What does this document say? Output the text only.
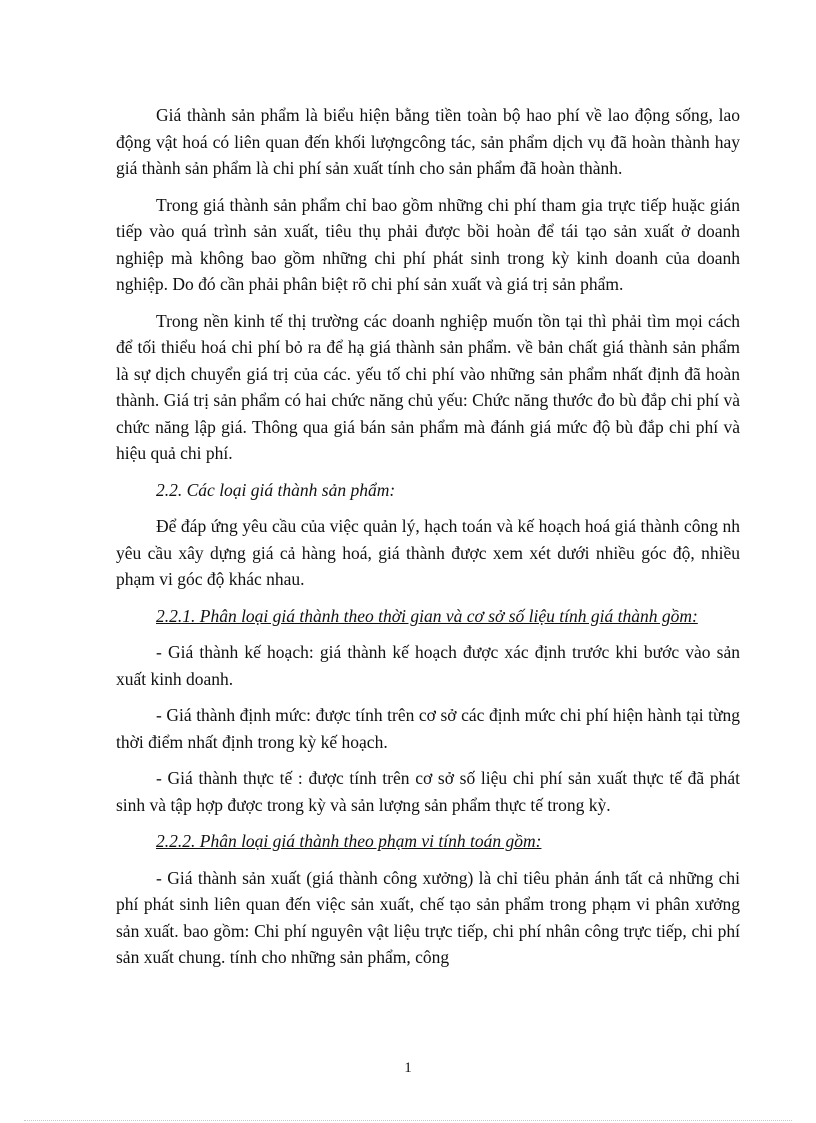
Giá thành sản phẩm là biểu hiện bằng tiền toàn bộ hao phí về lao động sống, lao động vật hoá có liên quan đến khối lượngcông tác, sản phẩm dịch vụ đã hoàn thành hay giá thành sản phẩm là chi phí sản xuất tính cho sản phẩm đã hoàn thành.

Trong giá thành sản phẩm chỉ bao gồm những chi phí tham gia trực tiếp huặc gián tiếp vào quá trình sản xuất, tiêu thụ phải được bồi hoàn để tái tạo sản xuất ở doanh nghiệp mà không bao gồm những chi phí phát sinh trong kỳ kinh doanh của doanh nghiệp. Do đó cần phải phân biệt rõ chi phí sản xuất và giá trị sản phẩm.

Trong nền kinh tế thị trường các doanh nghiệp muốn tồn tại thì phải tìm mọi cách để tối thiểu hoá chi phí bỏ ra để hạ giá thành sản phẩm. về bản chất giá thành sản phẩm là sự dịch chuyển giá trị của các. yếu tố chi phí vào những sản phẩm nhất định đã hoàn thành. Giá trị sản phẩm có hai chức năng chủ yếu: Chức năng thước đo bù đắp chi phí và chức năng lập giá. Thông qua giá bán sản phẩm mà đánh giá mức độ bù đắp chi phí và hiệu quả chi phí.

2.2. Các loại giá thành sản phẩm:

Để đáp ứng yêu cầu của việc quản lý, hạch toán và kế hoạch hoá giá thành công nh yêu cầu xây dựng giá cả hàng hoá, giá thành được xem xét dưới nhiều góc độ, nhiều phạm vi góc độ khác nhau.

2.2.1. Phân loại giá thành theo thời gian và cơ sở số liệu tính giá thành gồm:

- Giá thành kế hoạch: giá thành kế hoạch được xác định trước khi bước vào sản xuất kinh doanh.

- Giá thành định mức: được tính trên cơ sở các định mức chi phí hiện hành tại từng thời điểm nhất định trong kỳ kế hoạch.

- Giá thành thực tế : được tính trên cơ sở số liệu chi phí sản xuất thực tế đã phát sinh và tập hợp được trong kỳ và sản lượng sản phẩm thực tế trong kỳ.

2.2.2. Phân loại giá thành theo phạm vi tính toán gồm:

- Giá thành sản xuất (giá thành công xưởng) là chỉ tiêu phản ánh tất cả những chi phí phát sinh liên quan đến việc sản xuất, chế tạo sản phẩm trong phạm vi phân xưởng sản xuất. bao gồm: Chi phí nguyên vật liệu trực tiếp, chi phí nhân công trực tiếp, chi phí sản xuất chung. tính cho những sản phẩm, công

1
